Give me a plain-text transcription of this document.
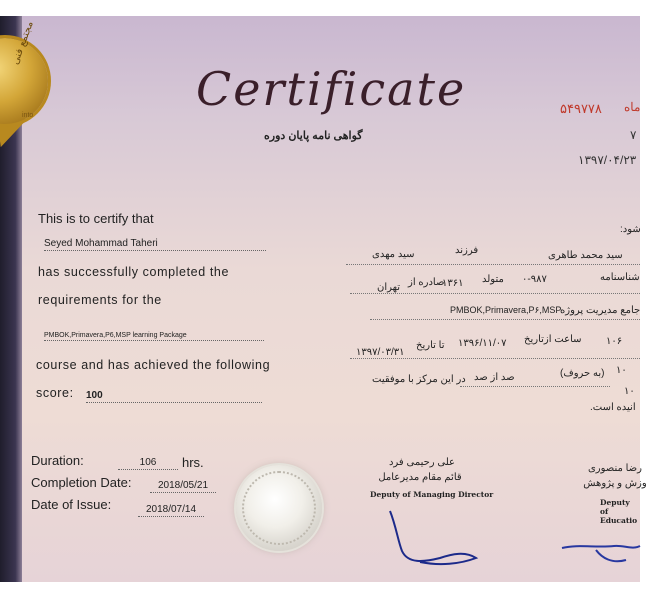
مجتمع فنی
into	Certificate
گواهی نامه پایان دوره
۵۴۹۷۷۸ ماه
۷
۱۳۹۷/۰۴/۲۳
This is to certify that
Seyed Mohammad Taheri
has successfully completed the
requirements for the
PMBOK,Primavera,P6,MSP learning Package
course and has achieved the following
score: 100
Duration:	106	hrs.
Completion Date:	2018/05/21
Date of Issue:	2018/07/14
شود:
سید محمد طاهری
فرزند
سید مهدی
شناسنامه
۰-۹۸۷
متولد
۱۳۶۱
صادره از
تهران
جامع مدیریت پروژه
PMBOK,Primavera,P۶,MSP
۱۰۶
ساعت ازتاریخ
۱۳۹۶/۱۱/۰۷
تا تاریخ
۱۳۹۷/۰۳/۳۱
۱۰
(به حروف)
صد از صد
در این مرکز با موفقیت
۱۰
انیده است.
علی رحیمی فرد
قائم مقام مدیرعامل
Deputy of Managing Director
رضا منصوری
وزش و پژوهش
Deputy of Educatio
